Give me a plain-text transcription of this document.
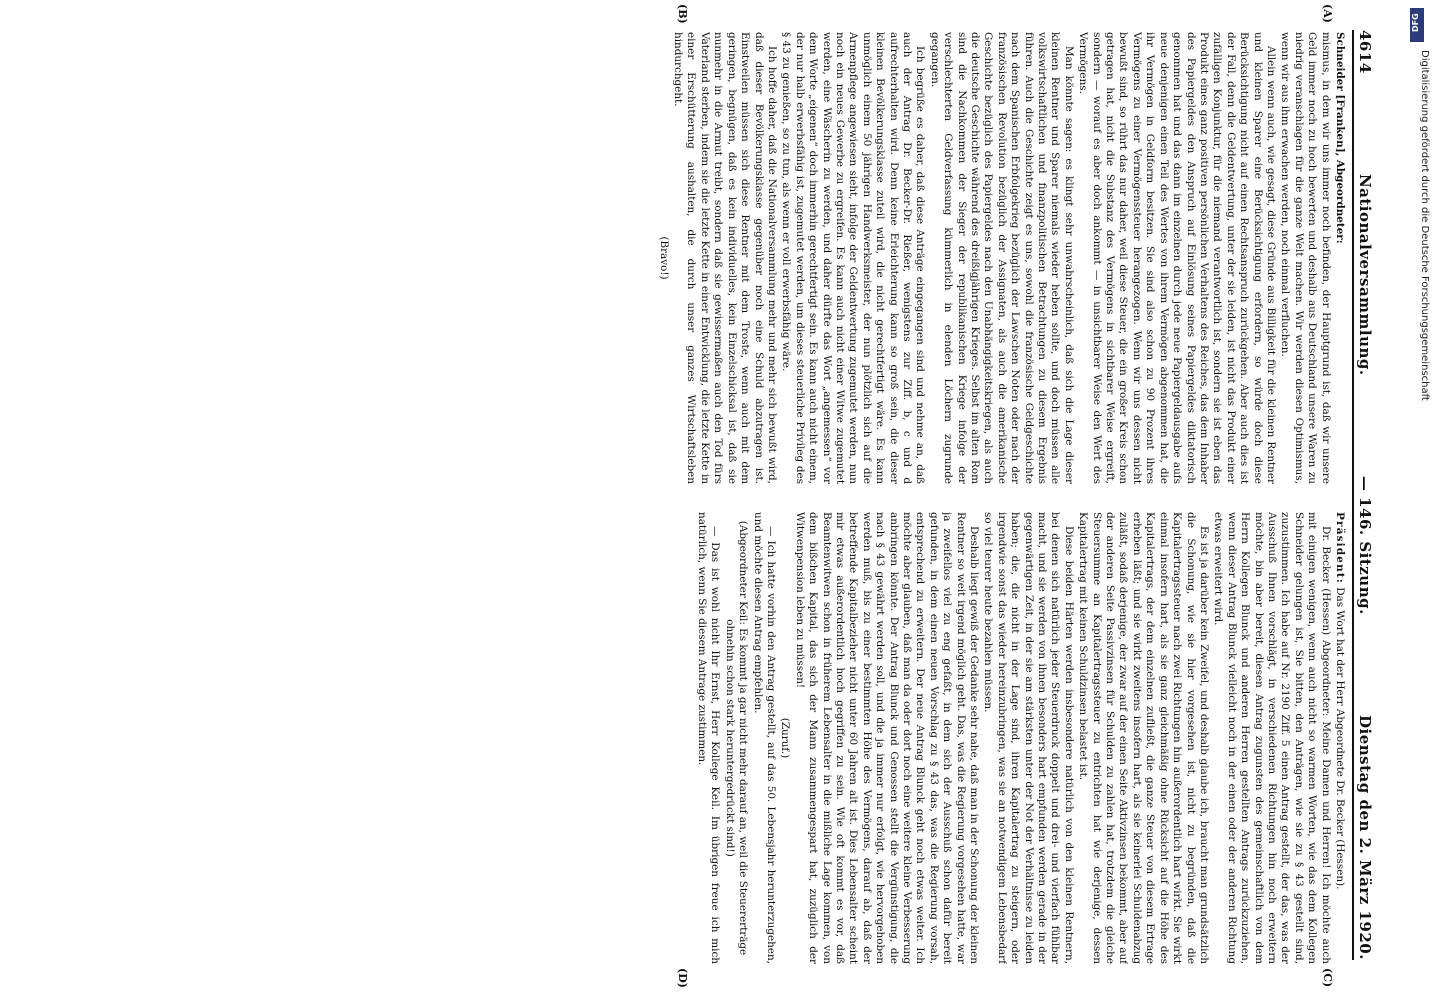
4614
Nationalversammlung.
— 146. Sitzung.
Dienstag den 2. März 1920.
(A)
(B)
(C)
(D)

Schneider [Franken], Abgeordneter:

mismus, in dem wir uns immer noch befinden, der Hauptgrund ist, daß wir unsere Geld immer noch zu hoch bewerten und deshalb aus Deutschland unsere Waren zu niedrig veranschlagen für die ganze Welt machen. Wir werden diesen Optimismus, wenn wir aus ihm erwachen werden, noch einmal verfluchen.

Allein wenn auch, wie gesagt, diese Gründe aus Billigkeit für die kleinen Rentner und kleinen Sparer eine Berücksichtigung erfordern, so würde doch diese Berücksichtigung nicht auf einen Rechtsanspruch zurückgehen. Aber auch dies ist der Fall, denn die Geldentwertung, unter der sie leiden, ist nicht das Produkt einer zufälligen Konjunktur, für die niemand verantwortlich ist, sondern sie ist eben das Produkt eines ganz positiven persönlichen Verhaltens des Reiches, das dem Inhaber des Papiergeldes den Anspruch auf Einlösung seines Papiergeldes diktatorisch genommen hat und das dann im einzelnen durch jede neue Papiergeldausgabe aufs neue denjenigen einen Teil des Wertes von ihrem Vermögen abgenommen hat, die ihr Vermögen in Geldform besitzen. Sie sind also schon zu 90 Prozent ihres Vermögens zu einer Vermögenssteuer herangezogen. Wenn wir uns dessen nicht bewußt sind, so rührt das nur daher, weil diese Steuer, die ein großer Kreis schon getragen hat, nicht die Substanz des Vermögens in sichtbarer Weise ergreift, sondern — worauf es aber doch ankommt — in unsichtbarer Weise den Wert des Vermögens.

Man könnte sagen: es klingt sehr unwahrscheinlich, daß sich die Lage dieser kleinen Rentner und Sparer niemals wieder heben sollte, und doch müssen alle volkswirtschaftlichen und finanzpolitischen Betrachtungen zu diesem Ergebnis führen. Auch die Geschichte zeigt es uns, sowohl die französische Geldgeschichte nach dem Spanischen Erbfolgekrieg bezüglich der Lawschen Noten oder nach der französischen Revolution bezüglich der Assignaten, als auch die amerikanische Geschichte bezüglich des Papiergeldes nach den Unabhängigkeitskriegen, als auch die deutsche Geschichte während des dreißigjährigen Krieges. Selbst im alten Rom sind die Nachkommen der Sieger der republikanischen Kriege infolge der verschlechterten Geldverfassung kümmerlich in elenden Löchern zugrunde gegangen.

Ich begrüße es daher, daß diese Anträge eingegangen sind und nehme an, daß auch der Antrag Dr. Becker-Dr. Rießer, wenigstens zur Ziff. b, c und d aufrechterhalten wird. Denn keine Erleichterung kann so groß sein, die dieser kleinen Bevölkerungsklasse zuteil wird, die nicht gerechtfertigt wäre. Es kann unmöglich einem 50 jährigen Handwerksmeister, der nun plötzlich sich auf die Armenpflege angewiesen sieht, infolge der Geldentwertung zugemutet werden, nun noch ein neues Gewerbe zu ergreifen. Es kann auch nicht einer Witwe zugemutet werden, eine Wäscherin zu werden, und daher dürfte das Wort „angemessen“ vor dem Worte „eigenen“ doch immerhin gerechtfertigt sein. Es kann auch nicht einem, der nur halb erwerbsfähig ist, zugemutet werden, um dieses steuerliche Privileg des § 43 zu genießen, so zu tun, als wenn er voll erwerbsfähig wäre.

Ich hoffe daher, daß die Nationalversammlung mehr und mehr sich bewußt wird, daß dieser Bevölkerungsklasse gegenüber noch eine Schuld abzutragen ist. Einstweilen müssen sich diese Rentner mit dem Troste, wenn auch mit dem geringen, begnügen, daß es kein individuelles, kein Einzelschicksal ist, daß sie nunmehr in die Armut treibt, sondern daß sie gewissermaßen auch den Tod fürs Vaterland sterben, indem sie die letzte Kette in einer Entwicklung, die letzte Kette in einer Erschütterung aushalten, die durch unser ganzes Wirtschaftsleben hindurchgeht.

(Bravo!)

Präsident: Das Wort hat der Herr Abgeordnete Dr. Becker (Hessen).

Dr. Becker (Hessen) Abgeordneter: Meine Damen und Herren! Ich möchte auch mit einigen wenigen, wenn auch nicht so warmen Worten, wie das dem Kollegen Schneider gelungen ist, Sie bitten, den Anträgen, wie sie zu § 43 gestellt sind, zuzustimmen. Ich habe auf Nr. 2190 Ziff. 5 einen Antrag gestellt, der das, was der Ausschuß Ihnen vorschlägt, in verschiedenen Richtungen hin noch erweitern möchte, bin aber bereit, diesen Antrag zugunsten des gemeinschaftlich von dem Herrn Kollegen Blunck und anderen Herren gestellten Antrags zurückzuziehen, wenn dieser Antrag Blunck vielleicht noch in der einen oder der anderen Richtung etwas erweitert wird.

Es ist ja darüber kein Zweifel, und deshalb glaube ich, braucht man grundsätzlich die Schonung, wie sie hier vorgesehen ist, nicht zu begründen, daß die Kapitalertragssteuer nach zwei Richtungen hin außerordentlich hart wirkt. Sie wirkt einmal insofern hart, als sie ganz gleichmäßig ohne Rücksicht auf die Höhe des Kapitalertrags, der dem einzelnen zufließt, die ganze Steuer von diesem Ertrage erheben läßt; und sie wirkt zweitens insofern hart, als sie keinerlei Schuldenabzug zuläßt, sodaß derjenige, der zwar auf der einen Seite Aktivzinsen bekommt, aber auf der anderen Seite Passivzinsen für Schulden zu zahlen hat, trotzdem die gleiche Steuersumme an Kapitalertragssteuer zu entrichten hat wie derjenige, dessen Kapitalertrag mit keinen Schuldzinsen belastet ist.

Diese beiden Härten werden insbesondere natürlich von den kleinen Rentnern, bei denen sich natürlich jeder Steuerdruck doppelt und drei- und vierfach fühlbar macht, und sie werden von ihnen besonders hart empfunden werden gerade in der gegenwärtigen Zeit, in der sie am stärksten unter der Not der Verhältnisse zu leiden haben; die, die nicht in der Lage sind, ihren Kapitalertrag zu steigern, oder irgendwie sonst das wieder hereinzubringen, was sie an notwendigem Lebensbedarf so viel teurer heute bezahlen müssen.

Deshalb liegt gewiß der Gedanke sehr nahe, daß man in der Schonung der kleinen Rentner so weit irgend möglich geht. Das, was die Regierung vorgesehen hatte, war ja zweifellos viel zu eng gefaßt, in dem sich der Ausschuß schon dafür bereit gefunden, in dem einen neuen Vorschlag zu § 43 das, was die Regierung vorsah, entsprechend zu erweitern. Der neue Antrag Blunck geht noch etwas weiter. Ich möchte aber glauben, daß man da oder dort noch eine weitere kleine Verbesserung anbringen könnte. Der Antrag Blunck und Genossen stellt die Vergünstigung, die nach § 43 gewährt werden soll, und die ja immer nur erfolgt, wie hervorgehoben werden muß, bis zu einer bestimmten Höhe des Vermögens, darauf ab, daß der betreffende Kapitalbezieher nicht unter 60 Jahren alt ist. Dies Lebensalter scheint mir etwas außerordentlich hoch gegriffen zu sein. Wie oft kommt es vor, daß Beamtenwitwen schon in früherem Lebensalter in die mißliche Lage kommen, von dem bißchen Kapital, das sich der Mann zusammengespart hat, zuzüglich der Witwenpension leben zu müssen!

(Zuruf.)

— Ich hatte vorhin den Antrag gestellt, auf das 50. Lebensjahr herunterzugehen, und möchte diesen Antrag empfehlen.

(Abgeordneter Keil: Es kommt ja gar nicht mehr darauf an, weil die Steuererträge ohnehin schon stark heruntergedrückt sind!)

— Das ist wohl nicht Ihr Ernst, Herr Kollege Keil. Im übrigen freue ich mich natürlich, wenn Sie diesem Antrage zustimmen.

DFG
Digitalisierung gefördert durch die Deutsche Forschungsgemeinschaft
